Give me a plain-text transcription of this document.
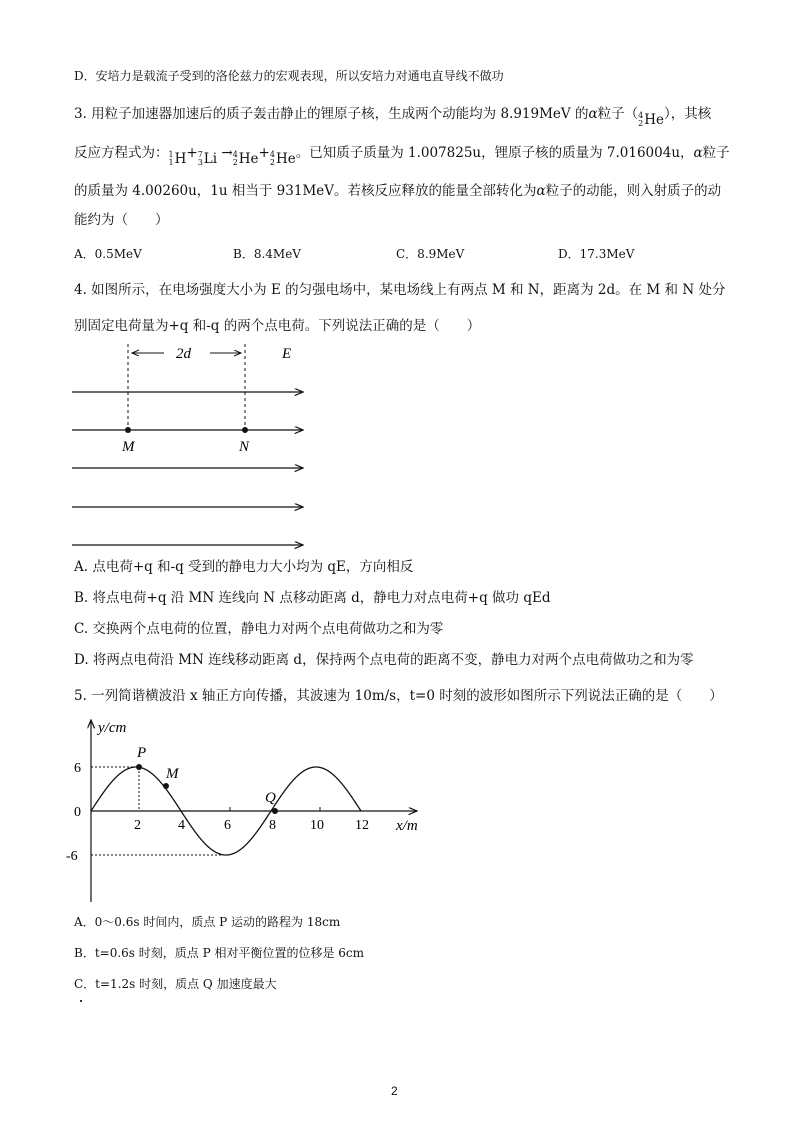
D．安培力是载流子受到的洛伦兹力的宏观表现，所以安培力对通电直导线不做功
3. 用粒子加速器加速后的质子轰击静止的锂原子核，生成两个动能均为 8.919MeV 的α粒子（ 4
2 He），其核
反应方程式为： 1
1 H+ 7
3 Li → 4
2 He+ 4
2 He。已知质子质量为 1.007825u，锂原子核的质量为 7.016004u，α粒子
的质量为 4.00260u，1u 相当于 931MeV。若核反应释放的能量全部转化为α粒子的动能，则入射质子的动
能约为（　　）
A．0.5MeV	B．8.4MeV	C．8.9MeV	D．17.3MeV
4. 如图所示，在电场强度大小为 E 的匀强电场中，某电场线上有两点 M 和 N，距离为 2d。在 M 和 N 处分
别固定电荷量为+q 和-q 的两个点电荷。下列说法正确的是（　　）
2d	E
M	N
A. 点电荷+q 和-q 受到的静电力大小均为 qE，方向相反
B. 将点电荷+q 沿 MN 连线向 N 点移动距离 d，静电力对点电荷+q 做功 qEd
C. 交换两个点电荷的位置，静电力对两个点电荷做功之和为零
D. 将两点电荷沿 MN 连线移动距离 d，保持两个点电荷的距离不变，静电力对两个点电荷做功之和为零
5. 一列简谐横波沿 x 轴正方向传播，其波速为 10m/s，t=0 时刻的波形如图所示下列说法正确的是（　　）
y/cm
x/m
6
0
-6
2	4	6	8 10 12
P
M
Q
A．0～0.6s 时间内，质点 P 运动的路程为 18cm
B．t=0.6s 时刻，质点 P 相对平衡位置的位移是 6cm
C．t=1.2s 时刻，质点 Q 加速度最大
2
